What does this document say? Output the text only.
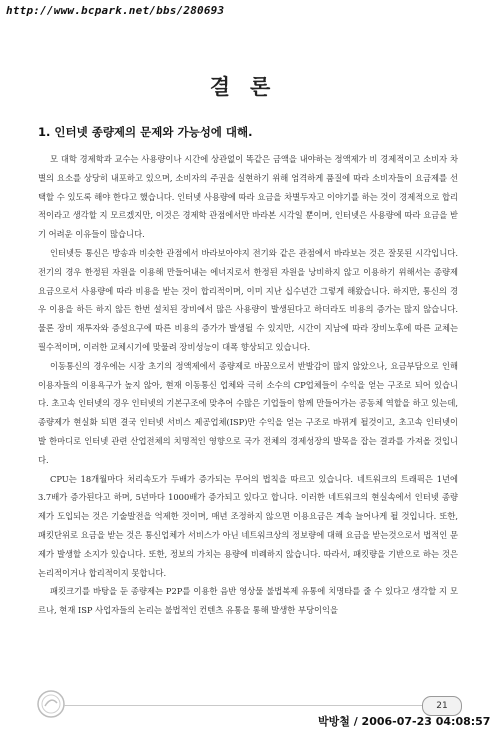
http://www.bcpark.net/bbs/280693
결론
1. 인터넷 종량제의 문제와 가능성에 대해.

모 대학 경제학과 교수는 사용량이나 시간에 상관없이 똑같은 금액을 내야하는 정액제가 비 경제적이고 소비자 차별의 요소를 상당히 내포하고 있으며, 소비자의 주권을 실현하기 위해 엄격하게 품질에 따라 소비자들이 요금제를 선택할 수 있도록 해야 한다고 했습니다. 인터넷 사용량에 따라 요금을 차별두자고 이야기를 하는 것이 경제적으로 합리적이라고 생각할 지 모르겠지만, 이것은 경제학 관점에서만 바라본 시각일 뿐이며, 인터넷은 사용량에 따라 요금을 받기 어려운 이유들이 많습니다.

인터넷등 통신은 방송과 비슷한 관점에서 바라보아야지 전기와 같은 관점에서 바라보는 것은 잘못된 시각입니다. 전기의 경우 한정된 자원을 이용해 만들어내는 에너지로서 한정된 자원을 낭비하지 않고 이용하기 위해서는 종량제 요금으로서 사용량에 따라 비용을 받는 것이 합리적이며, 이미 지난 십수년간 그렇게 해왔습니다. 하지만, 통신의 경우 이용을 하든 하지 않든 한번 설치된 장비에서 많은 사용량이 발생된다고 하더라도 비용의 증가는 많지 않습니다. 물론 장비 재투자와 증설요구에 따른 비용의 증가가 발생될 수 있지만, 시간이 지남에 따라 장비노후에 따른 교체는 필수적이며, 이러한 교체시기에 맞물려 장비성능이 대폭 향상되고 있습니다.

이동통신의 경우에는 시장 초기의 정액제에서 종량제로 바꿈으로서 반발감이 많지 않았으나, 요금부담으로 인해 이용자들의 이용욕구가 높지 않아, 현재 이동통신 업체와 극히 소수의 CP업체들이 수익을 얻는 구조로 되어 있습니다. 초고속 인터넷의 경우 인터넷의 기본구조에 맞추어 수많은 기업들이 함께 만들어가는 공동체 역할을 하고 있는데, 종량제가 현실화 되면 결국 인터넷 서비스 제공업체(ISP)만 수익을 얻는 구조로 바뀌게 될것이고, 초고속 인터넷이 발 한마디로 인터넷 관련 산업전체의 치명적인 영향으로 국가 전체의 경제성장의 발목을 잡는 결과를 가져올 것입니다.

CPU는 18개월마다 처리속도가 두배가 증가되는 무어의 법칙을 따르고 있습니다. 네트워크의 트래픽은 1년에 3.7배가 증가된다고 하며, 5년마다 1000배가 증가되고 있다고 합니다. 이러한 네트워크의 현실속에서 인터넷 종량제가 도입되는 것은 기술발전을 억제한 것이며, 매년 조정하지 않으면 이용요금은 계속 늘어나게 될 것입니다. 또한, 패킷단위로 요금을 받는 것은 통신업체가 서비스가 아닌 네트워크상의 정보량에 대해 요금을 받는것으로서 법적인 문제가 발생할 소지가 있습니다. 또한, 정보의 가치는 용량에 비례하지 않습니다. 따라서, 패킷량을 기반으로 하는 것은 논리적이거나 합리적이지 못합니다.

패킷크기를 바탕을 둔 종량제는 P2P를 이용한 음반 영상물 불법복제 유통에 치명타를 줄 수 있다고 생각할 지 모르나, 현재 ISP 사업자들의 논리는 불법적인 컨텐츠 유통을 통해 발생한 부당이익을

21
박방철 / 2006-07-23 04:08:57
